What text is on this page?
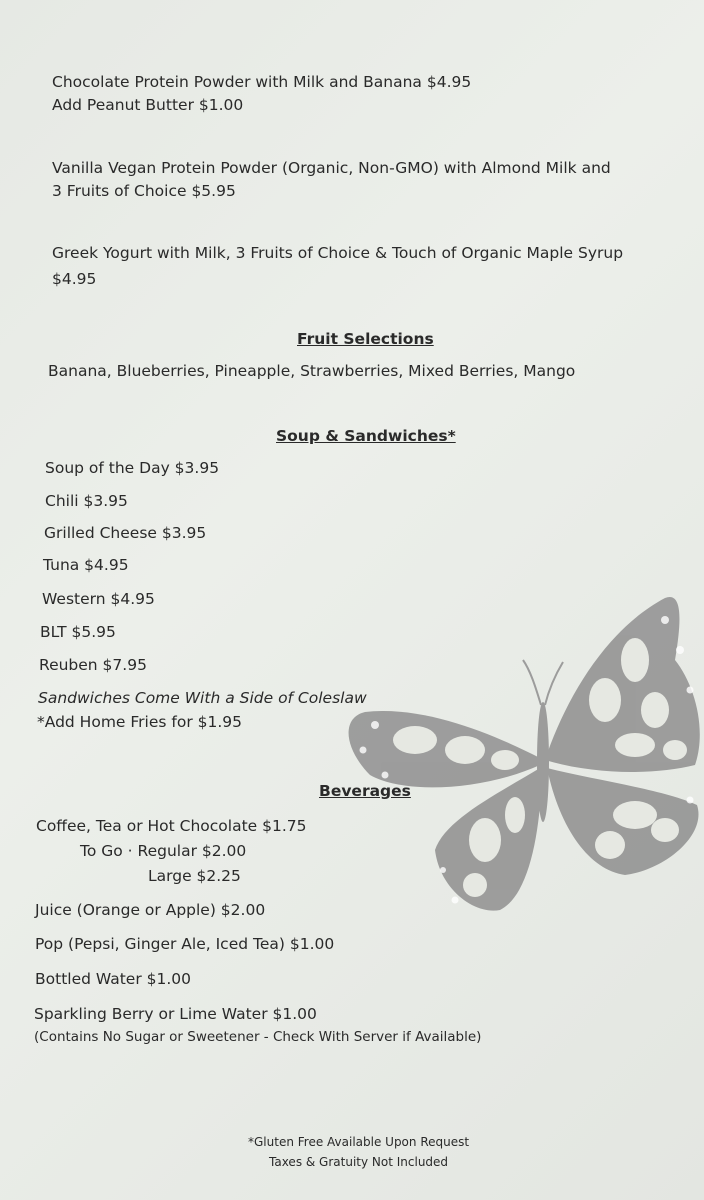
Chocolate Protein Powder with Milk and Banana $4.95
Add Peanut Butter $1.00
Vanilla Vegan Protein Powder (Organic, Non-GMO) with Almond Milk and
3 Fruits of Choice $5.95
Greek Yogurt with Milk, 3 Fruits of Choice & Touch of Organic Maple Syrup
$4.95
Fruit Selections
Banana, Blueberries, Pineapple, Strawberries, Mixed Berries, Mango
Soup & Sandwiches*
Soup of the Day $3.95
Chili $3.95
Grilled Cheese $3.95
Tuna $4.95
Western $4.95
BLT $5.95
Reuben $7.95
Sandwiches Come With a Side of Coleslaw
*Add Home Fries for $1.95
Beverages
Coffee, Tea or Hot Chocolate $1.75
To Go · Regular $2.00
Large $2.25
Juice (Orange or Apple) $2.00
Pop (Pepsi, Ginger Ale, Iced Tea) $1.00
Bottled Water $1.00
Sparkling Berry or Lime Water $1.00
(Contains No Sugar or Sweetener - Check With Server if Available)
*Gluten Free Available Upon Request
Taxes & Gratuity Not Included
